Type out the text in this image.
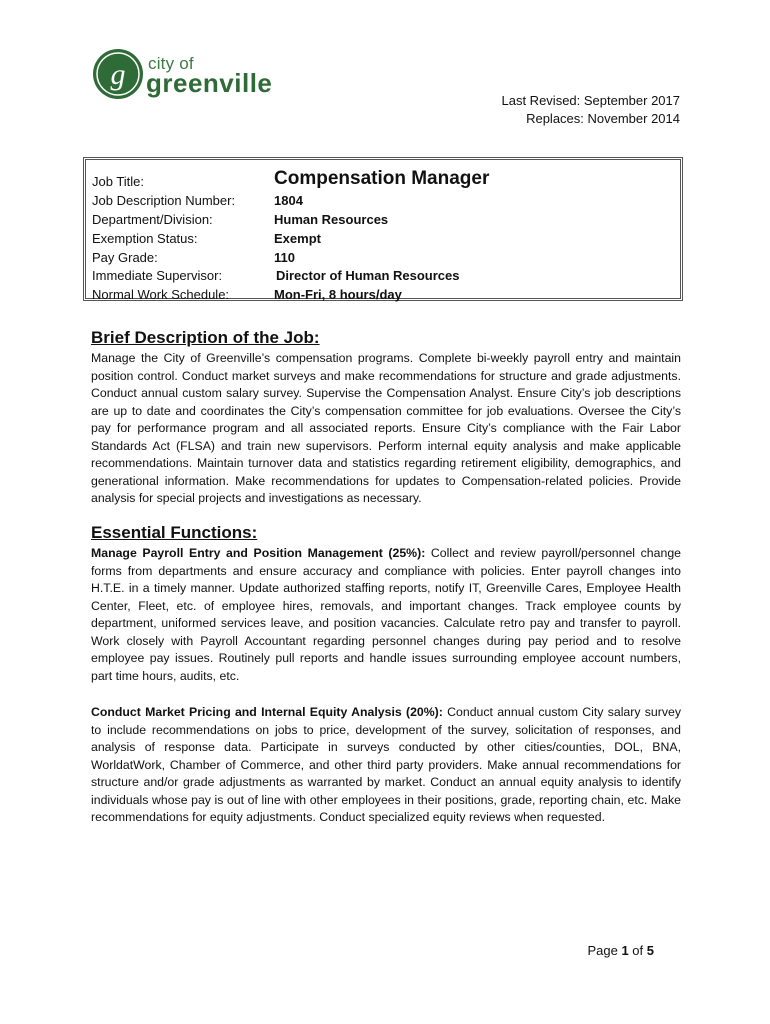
g city of
greenville
Last Revised: September 2017
Replaces: November 2014
Job Title:	Compensation Manager
Job Description Number:	1804
Department/Division:	Human Resources
Exemption Status:	Exempt
Pay Grade:	110
Immediate Supervisor:	Director of Human Resources
Normal Work Schedule:	Mon-Fri, 8 hours/day
Brief Description of the Job:
Manage the City of Greenville’s compensation programs. Complete bi-weekly payroll entry and maintain position control. Conduct market surveys and make recommendations for structure and grade adjustments. Conduct annual custom salary survey. Supervise the Compensation Analyst. Ensure City’s job descriptions are up to date and coordinates the City’s compensation committee for job evaluations. Oversee the City’s pay for performance program and all associated reports. Ensure City’s compliance with the Fair Labor Standards Act (FLSA) and train new supervisors. Perform internal equity analysis and make applicable recommendations. Maintain turnover data and statistics regarding retirement eligibility, demographics, and generational information. Make recommendations for updates to Compensation-related policies. Provide analysis for special projects and investigations as necessary.
Essential Functions:
Manage Payroll Entry and Position Management (25%): Collect and review payroll/personnel change forms from departments and ensure accuracy and compliance with policies. Enter payroll changes into H.T.E. in a timely manner. Update authorized staffing reports, notify IT, Greenville Cares, Employee Health Center, Fleet, etc. of employee hires, removals, and important changes. Track employee counts by department, uniformed services leave, and position vacancies. Calculate retro pay and transfer to payroll. Work closely with Payroll Accountant regarding personnel changes during pay period and to resolve employee pay issues. Routinely pull reports and handle issues surrounding employee account numbers, part time hours, audits, etc.
Conduct Market Pricing and Internal Equity Analysis (20%): Conduct annual custom City salary survey to include recommendations on jobs to price, development of the survey, solicitation of responses, and analysis of response data. Participate in surveys conducted by other cities/counties, DOL, BNA, WorldatWork, Chamber of Commerce, and other third party providers. Make annual recommendations for structure and/or grade adjustments as warranted by market. Conduct an annual equity analysis to identify individuals whose pay is out of line with other employees in their positions, grade, reporting chain, etc. Make recommendations for equity adjustments. Conduct specialized equity reviews when requested.
Page 1 of 5
